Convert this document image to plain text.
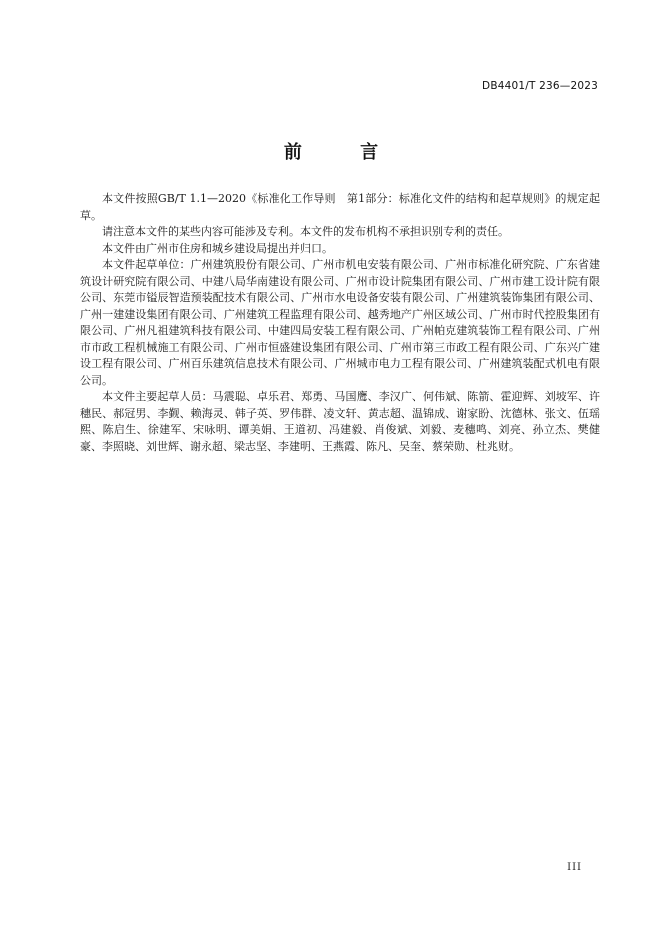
DB4401/T 236—2023
前 言

本文件按照GB/T 1.1—2020《标准化工作导则　第1部分：标准化文件的结构和起草规则》的规定起草。

请注意本文件的某些内容可能涉及专利。本文件的发布机构不承担识别专利的责任。

本文件由广州市住房和城乡建设局提出并归口。

本文件起草单位：广州建筑股份有限公司、广州市机电安装有限公司、广州市标准化研究院、广东省建筑设计研究院有限公司、中建八局华南建设有限公司、广州市设计院集团有限公司、广州市建工设计院有限公司、东莞市镒辰智造预装配技术有限公司、广州市水电设备安装有限公司、广州建筑装饰集团有限公司、广州一建建设集团有限公司、广州建筑工程监理有限公司、越秀地产广州区域公司、广州市时代控股集团有限公司、广州凡祖建筑科技有限公司、中建四局安装工程有限公司、广州帕克建筑装饰工程有限公司、广州市市政工程机械施工有限公司、广州市恒盛建设集团有限公司、广州市第三市政工程有限公司、广东兴广建设工程有限公司、广州百乐建筑信息技术有限公司、广州城市电力工程有限公司、广州建筑装配式机电有限公司。

本文件主要起草人员：马震聪、卓乐君、郑勇、马国鹰、李汉广、何伟斌、陈箭、霍迎辉、刘坡军、许穗民、郝冠男、李觐、赖海灵、韩子英、罗伟群、凌文轩、黄志超、温锦成、谢家盼、沈德林、张文、伍瑶熙、陈启生、徐建军、宋咏明、谭美娟、王道初、冯建毅、肖俊斌、刘毅、麦穗鸣、刘亮、孙立杰、樊健豪、李照晓、刘世辉、谢永超、梁志坚、李建明、王燕霞、陈凡、吴奎、蔡荣勋、杜兆财。

III
